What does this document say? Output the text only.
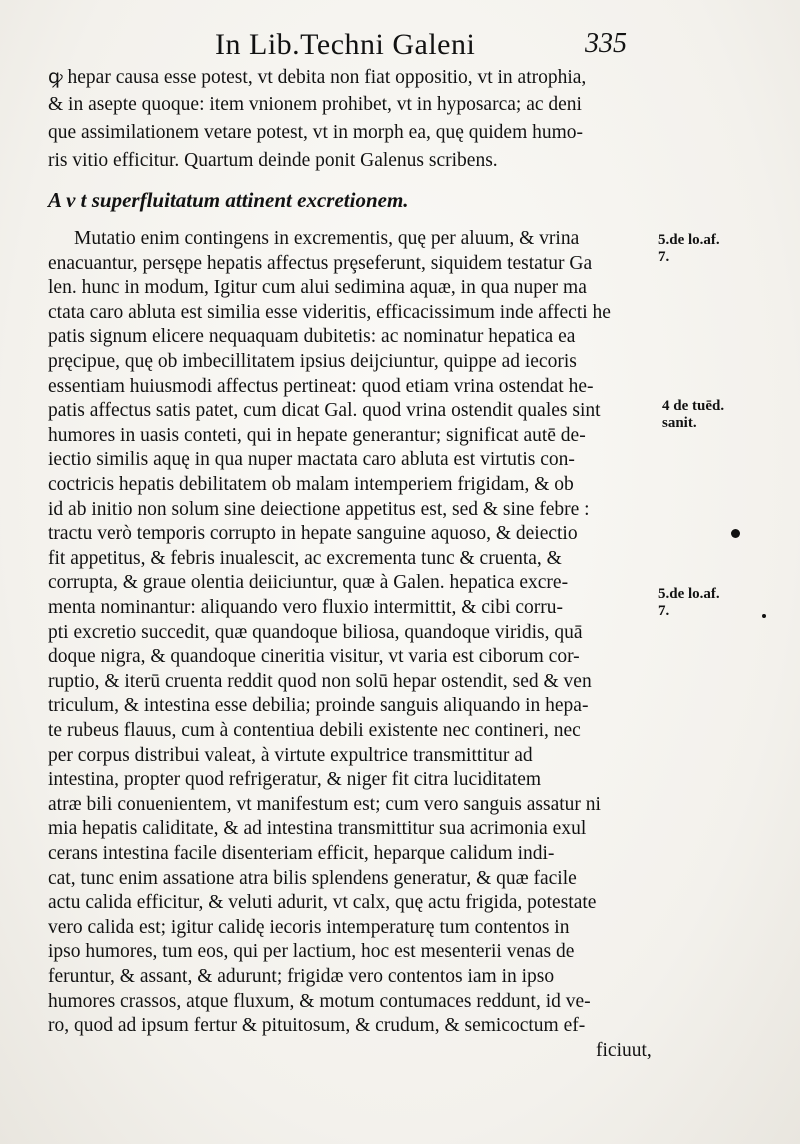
In Lib.Techni Galeni	335

ꝙ hepar causa esse potest, vt debita non fiat oppositio, vt in atrophia,
& in asepte quoque: item vnionem prohibet, vt in hyposarca; ac deni
que assimilationem vetare potest, vt in morph ea, quę quidem humo-
ris vitio efficitur. Quartum deinde ponit Galenus scribens.
A v t superfluitatum attinent excretionem.
Mutatio enim contingens in excrementis, quę per aluum, & vrina
enacuantur, persępe hepatis affectus prȩseferunt, siquidem testatur Ga
len. hunc in modum, Igitur cum alui sedimina aquæ, in qua nuper ma
ctata caro abluta est similia esse videritis, efficacissimum inde affecti he
patis signum elicere nequaquam dubitetis: ac nominatur hepatica ea
pręcipue, quę ob imbecillitatem ipsius deijciuntur, quippe ad iecoris
essentiam huiusmodi affectus pertineat: quod etiam vrina ostendat he-
patis affectus satis patet, cum dicat Gal. quod vrina ostendit quales sint
humores in uasis conteti, qui in hepate generantur; significat autē de-
iectio similis aquę in qua nuper mactata caro abluta est virtutis con-
coctricis hepatis debilitatem ob malam intemperiem frigidam, & ob
id ab initio non solum sine deiectione appetitus est, sed & sine febre :
tractu verò temporis corrupto in hepate sanguine aquoso, & deiectio
fit appetitus, & febris inualescit, ac excrementa tunc & cruenta, &
corrupta, & graue olentia deiiciuntur, quæ à Galen. hepatica excre-
menta nominantur: aliquando vero fluxio intermittit, & cibi corru-
pti excretio succedit, quæ quandoque biliosa, quandoque viridis, quā
doque nigra, & quandoque cineritia visitur, vt varia est ciborum cor-
ruptio, & iterū cruenta reddit quod non solū hepar ostendit, sed & ven
triculum, & intestina esse debilia; proinde sanguis aliquando in hepa-
te rubeus flauus, cum à contentiua debili existente nec contineri, nec
per corpus distribui valeat, à virtute expultrice transmittitur ad
intestina, propter quod refrigeratur, & niger fit citra luciditatem
atræ bili conuenientem, vt manifestum est; cum vero sanguis assatur ni
mia hepatis caliditate, & ad intestina transmittitur sua acrimonia exul
cerans intestina facile disenteriam efficit, heparque calidum indi-
cat, tunc enim assatione atra bilis splendens generatur, & quæ facile
actu calida efficitur, & veluti adurit, vt calx, quę actu frigida, potestate
vero calida est; igitur calidę iecoris intemperaturę tum contentos in
ipso humores, tum eos, qui per lactium, hoc est mesenterii venas de
feruntur, & assant, & adurunt; frigidæ vero contentos iam in ipso
humores crassos, atque fluxum, & motum contumaces reddunt, id ve-
ro, quod ad ipsum fertur & pituitosum, & crudum, & semicoctum ef-
ficiuut,
5.de lo.af.
7.
4 de tuēd.
sanit.
5.de lo.af.
7.
